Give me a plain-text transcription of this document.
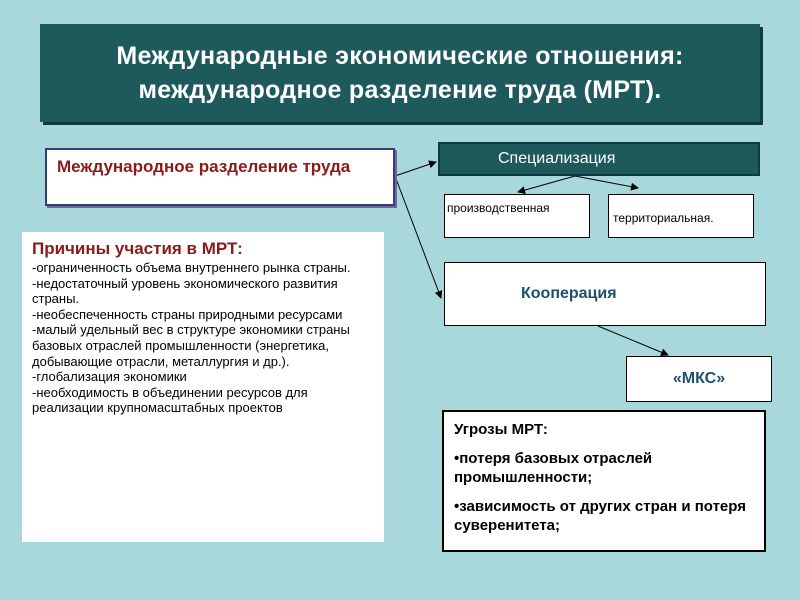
Международные экономические отношения:
международное разделение труда (МРТ).
Международное разделение труда
Причины участия в МРТ:
-ограниченность объема внутреннего рынка страны.
-недостаточный уровень экономического развития страны.
-необеспеченность страны природными ресурсами
-малый удельный вес в структуре экономики страны базовых отраслей промышленности (энергетика, добывающие отрасли, металлургия и др.).
-глобализация экономики
-необходимость в объединении ресурсов для реализации крупномасштабных проектов
Специализация
производственная
территориальная.
Кооперация
«МКС»
Угрозы МРТ:
•потеря базовых отраслей промышленности;
•зависимость от других стран и потеря суверенитета;
